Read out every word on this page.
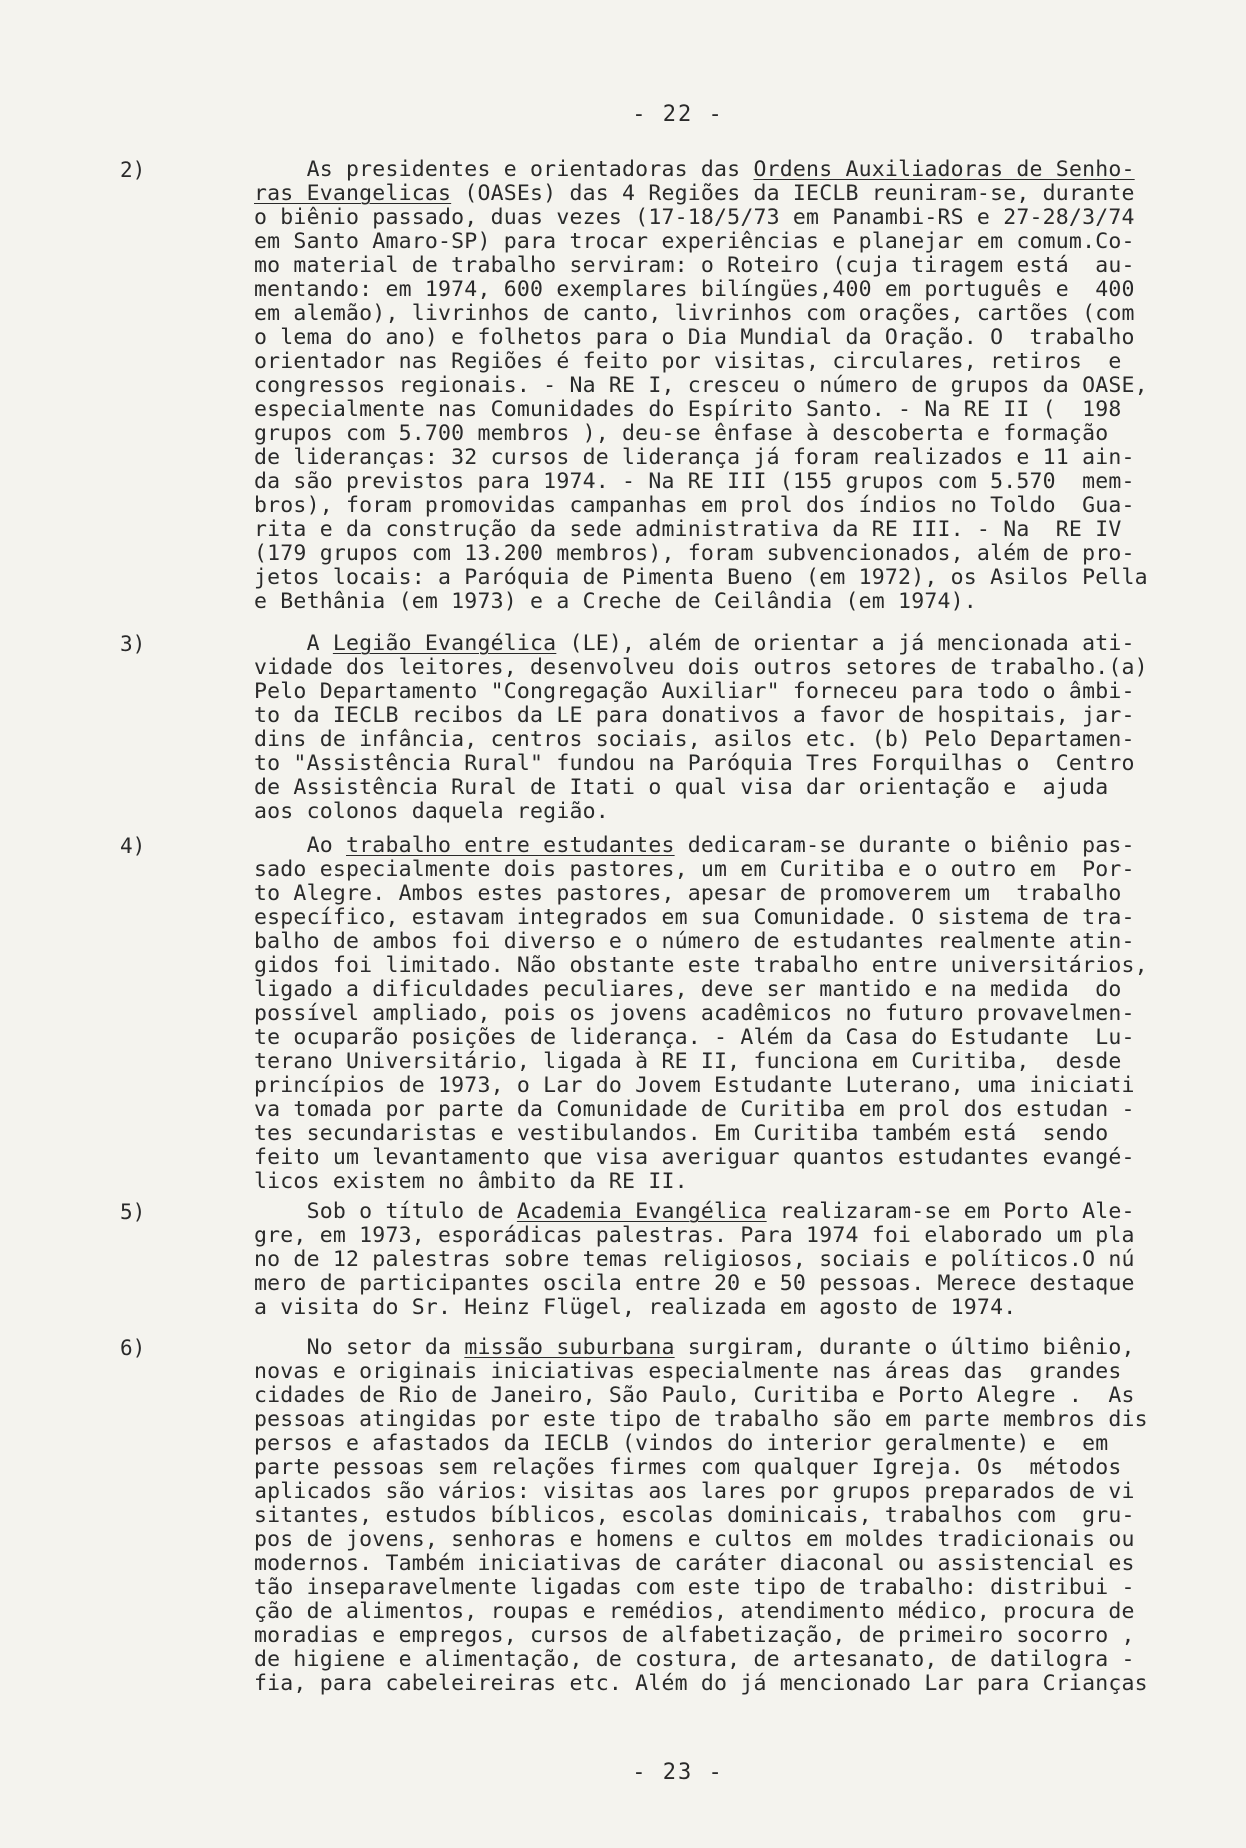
- 22 -
2)	As presidentes e orientadoras das Ordens Auxiliadoras de Senho-
ras Evangelicas (OASEs) das 4 Regiões da IECLB reuniram-se, durante
o biênio passado, duas vezes (17-18/5/73 em Panambi-RS e 27-28/3/74
em Santo Amaro-SP) para trocar experiências e planejar em comum.Co-
mo material de trabalho serviram: o Roteiro (cuja tiragem está  au-
mentando: em 1974, 600 exemplares bilíngües,400 em português e  400
em alemão), livrinhos de canto, livrinhos com orações, cartões (com
o lema do ano) e folhetos para o Dia Mundial da Oração. O  trabalho
orientador nas Regiões é feito por visitas, circulares, retiros  e
congressos regionais. - Na RE I, cresceu o número de grupos da OASE,
especialmente nas Comunidades do Espírito Santo. - Na RE II (  198
grupos com 5.700 membros ), deu-se ênfase à descoberta e formação
de lideranças: 32 cursos de liderança já foram realizados e 11 ain-
da são previstos para 1974. - Na RE III (155 grupos com 5.570  mem-
bros), foram promovidas campanhas em prol dos índios no Toldo  Gua-
rita e da construção da sede administrativa da RE III. - Na  RE IV
(179 grupos com 13.200 membros), foram subvencionados, além de pro-
jetos locais: a Paróquia de Pimenta Bueno (em 1972), os Asilos Pella
e Bethânia (em 1973) e a Creche de Ceilândia (em 1974).
3)	A Legião Evangélica (LE), além de orientar a já mencionada ati-
vidade dos leitores, desenvolveu dois outros setores de trabalho.(a)
Pelo Departamento "Congregação Auxiliar" forneceu para todo o âmbi-
to da IECLB recibos da LE para donativos a favor de hospitais, jar-
dins de infância, centros sociais, asilos etc. (b) Pelo Departamen-
to "Assistência Rural" fundou na Paróquia Tres Forquilhas o  Centro
de Assistência Rural de Itati o qual visa dar orientação e  ajuda
aos colonos daquela região.
4)	Ao trabalho entre estudantes dedicaram-se durante o biênio pas-
sado especialmente dois pastores, um em Curitiba e o outro em  Por-
to Alegre. Ambos estes pastores, apesar de promoverem um  trabalho
específico, estavam integrados em sua Comunidade. O sistema de tra-
balho de ambos foi diverso e o número de estudantes realmente atin-
gidos foi limitado. Não obstante este trabalho entre universitários,
ligado a dificuldades peculiares, deve ser mantido e na medida  do
possível ampliado, pois os jovens acadêmicos no futuro provavelmen-
te ocuparão posições de liderança. - Além da Casa do Estudante  Lu-
terano Universitário, ligada à RE II, funciona em Curitiba,  desde
princípios de 1973, o Lar do Jovem Estudante Luterano, uma iniciati
va tomada por parte da Comunidade de Curitiba em prol dos estudan -
tes secundaristas e vestibulandos. Em Curitiba também está  sendo
feito um levantamento que visa averiguar quantos estudantes evangé-
licos existem no âmbito da RE II.
5)	Sob o título de Academia Evangélica realizaram-se em Porto Ale-
gre, em 1973, esporádicas palestras. Para 1974 foi elaborado um pla
no de 12 palestras sobre temas religiosos, sociais e políticos.O nú
mero de participantes oscila entre 20 e 50 pessoas. Merece destaque
a visita do Sr. Heinz Flügel, realizada em agosto de 1974.
6)	No setor da missão suburbana surgiram, durante o último biênio,
novas e originais iniciativas especialmente nas áreas das  grandes
cidades de Rio de Janeiro, São Paulo, Curitiba e Porto Alegre .  As
pessoas atingidas por este tipo de trabalho são em parte membros dis
persos e afastados da IECLB (vindos do interior geralmente) e  em
parte pessoas sem relações firmes com qualquer Igreja. Os  métodos
aplicados são vários: visitas aos lares por grupos preparados de vi
sitantes, estudos bíblicos, escolas dominicais, trabalhos com  gru-
pos de jovens, senhoras e homens e cultos em moldes tradicionais ou
modernos. Também iniciativas de caráter diaconal ou assistencial es
tão inseparavelmente ligadas com este tipo de trabalho: distribui -
ção de alimentos, roupas e remédios, atendimento médico, procura de
moradias e empregos, cursos de alfabetização, de primeiro socorro ,
de higiene e alimentação, de costura, de artesanato, de datilogra -
fia, para cabeleireiras etc. Além do já mencionado Lar para Crianças
- 23 -
